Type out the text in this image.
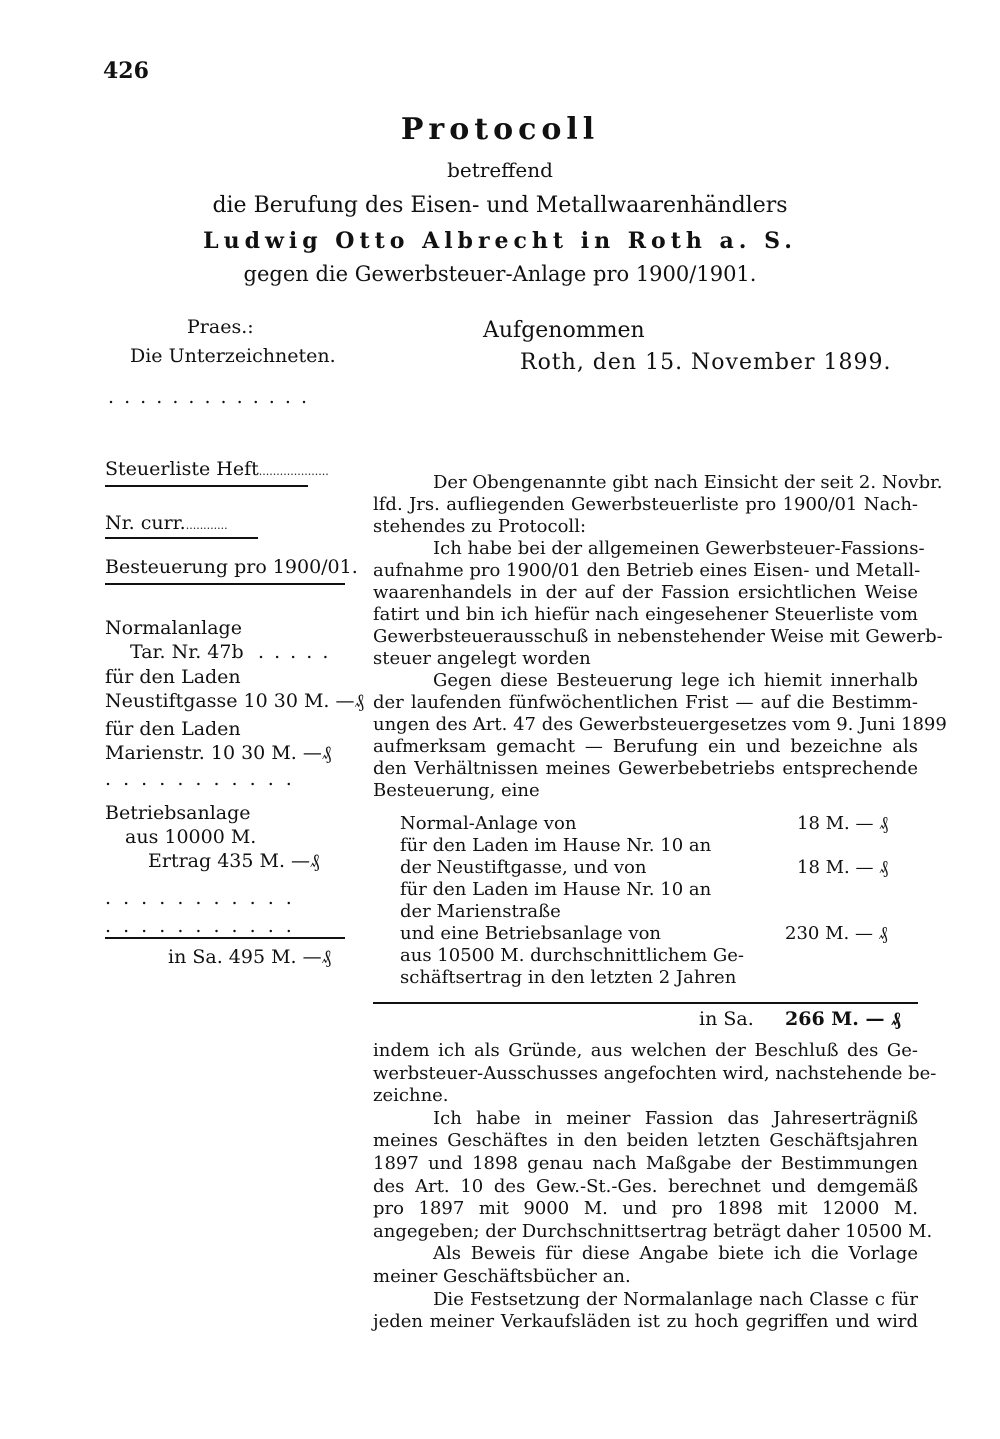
426
Protocoll
betreffend
die Berufung des Eisen- und Metallwaarenhändlers
Ludwig Otto Albrecht in Roth a. S.
gegen die Gewerbsteuer-Anlage pro 1900/1901.
Praes.:
Die Unterzeichneten.
. . . . . . . . . . . . .
Aufgenommen
Roth, den 15. November 1899.
Steuerliste Heft....................
Nr. curr.............
Besteuerung pro 1900/01.
Normalanlage
Tar. Nr. 47b . . . . .
für den Laden
Neustiftgasse 10 30 M. —₰
für den Laden
Marienstr. 10 30 M. —₰
. . . . . . . . . . .
Betriebsanlage
aus 10000 M.
Ertrag 435 M. —₰
. . . . . . . . . . .
. . . . . . . . . . .
in Sa. 495 M. —₰
Der Obengenannte gibt nach Einsicht der seit 2. Novbr.
lfd. Jrs. aufliegenden Gewerbsteuerliste pro 1900/01 Nach-
stehendes zu Protocoll:
Ich habe bei der allgemeinen Gewerbsteuer-Fassions-
aufnahme pro 1900/01 den Betrieb eines Eisen- und Metall-
waarenhandels in der auf der Fassion ersichtlichen Weise
fatirt und bin ich hiefür nach eingesehener Steuerliste vom
Gewerbsteuerausschuß in nebenstehender Weise mit Gewerb-
steuer angelegt worden
Gegen diese Besteuerung lege ich hiemit innerhalb
der laufenden fünfwöchentlichen Frist — auf die Bestimm-
ungen des Art. 47 des Gewerbsteuergesetzes vom 9. Juni 1899
aufmerksam gemacht — Berufung ein und bezeichne als
den Verhältnissen meines Gewerbebetriebs entsprechende
Besteuerung, eine
Normal-Anlage von	18 M. — ₰
für den Laden im Hause Nr. 10 an
der Neustiftgasse, und von	18 M. — ₰
für den Laden im Hause Nr. 10 an
der Marienstraße
und eine Betriebsanlage von	230 M. — ₰
aus 10500 M. durchschnittlichem Ge-
schäftsertrag in den letzten 2 Jahren
in Sa. 266 M. — ₰
indem ich als Gründe, aus welchen der Beschluß des Ge-
werbsteuer-Ausschusses angefochten wird, nachstehende be-
zeichne.
Ich habe in meiner Fassion das Jahreserträgniß
meines Geschäftes in den beiden letzten Geschäftsjahren
1897 und 1898 genau nach Maßgabe der Bestimmungen
des Art. 10 des Gew.-St.-Ges. berechnet und demgemäß
pro 1897 mit 9000 M. und pro 1898 mit 12000 M.
angegeben; der Durchschnittsertrag beträgt daher 10500 M.
Als Beweis für diese Angabe biete ich die Vorlage
meiner Geschäftsbücher an.
Die Festsetzung der Normalanlage nach Classe c für
jeden meiner Verkaufsläden ist zu hoch gegriffen und wird
